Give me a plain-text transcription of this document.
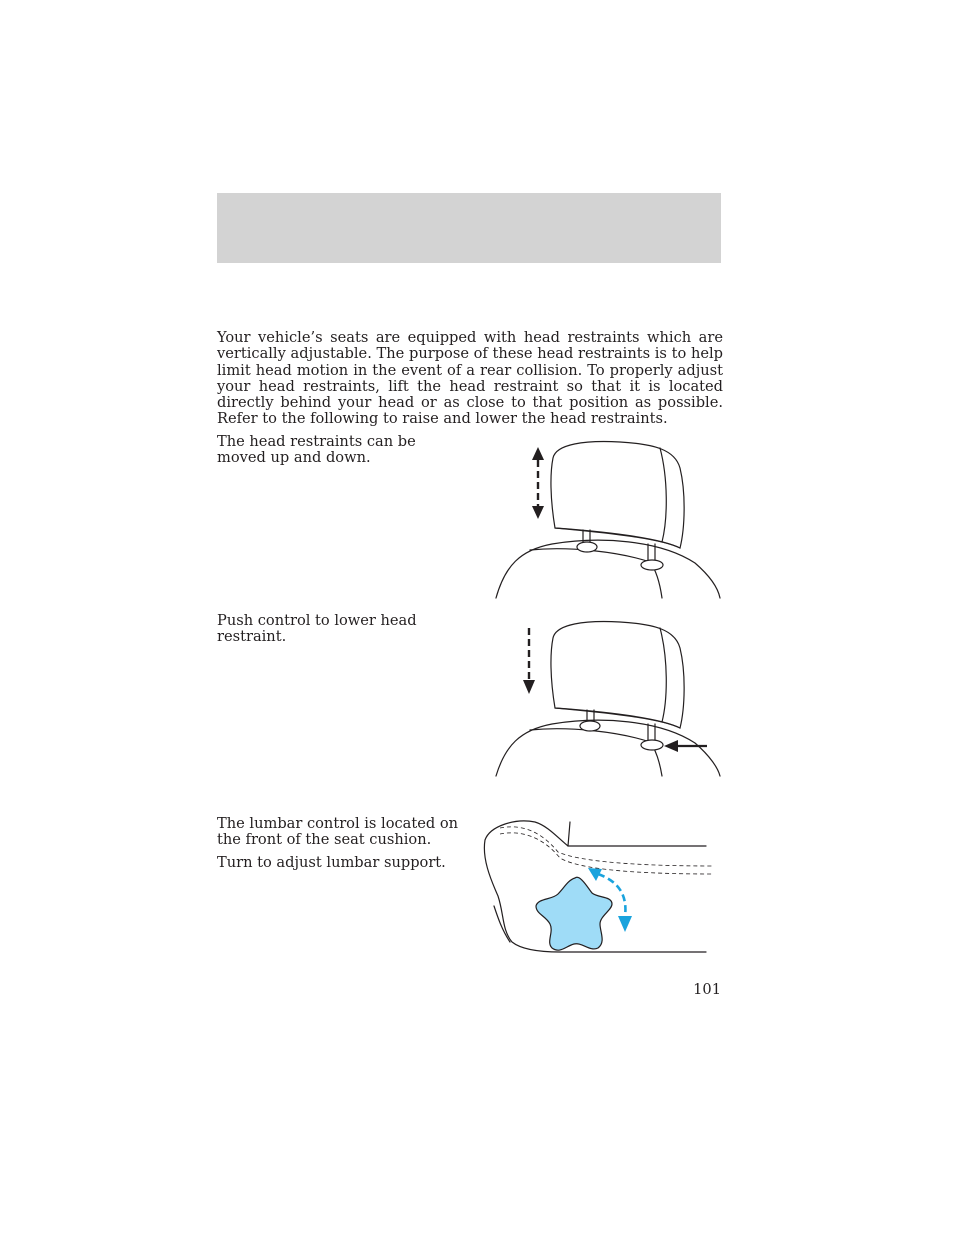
Your vehicle’s seats are equipped with head restraints which are vertically adjustable. The purpose of these head restraints is to help limit head motion in the event of a rear collision. To properly adjust your head restraints, lift the head restraint so that it is located directly behind your head or as close to that position as possible. Refer to the following to raise and lower the head restraints.

The head restraints can be moved up and down.

Push control to lower head restraint.

The lumbar control is located on the front of the seat cushion.

Turn to adjust lumbar support.

101
